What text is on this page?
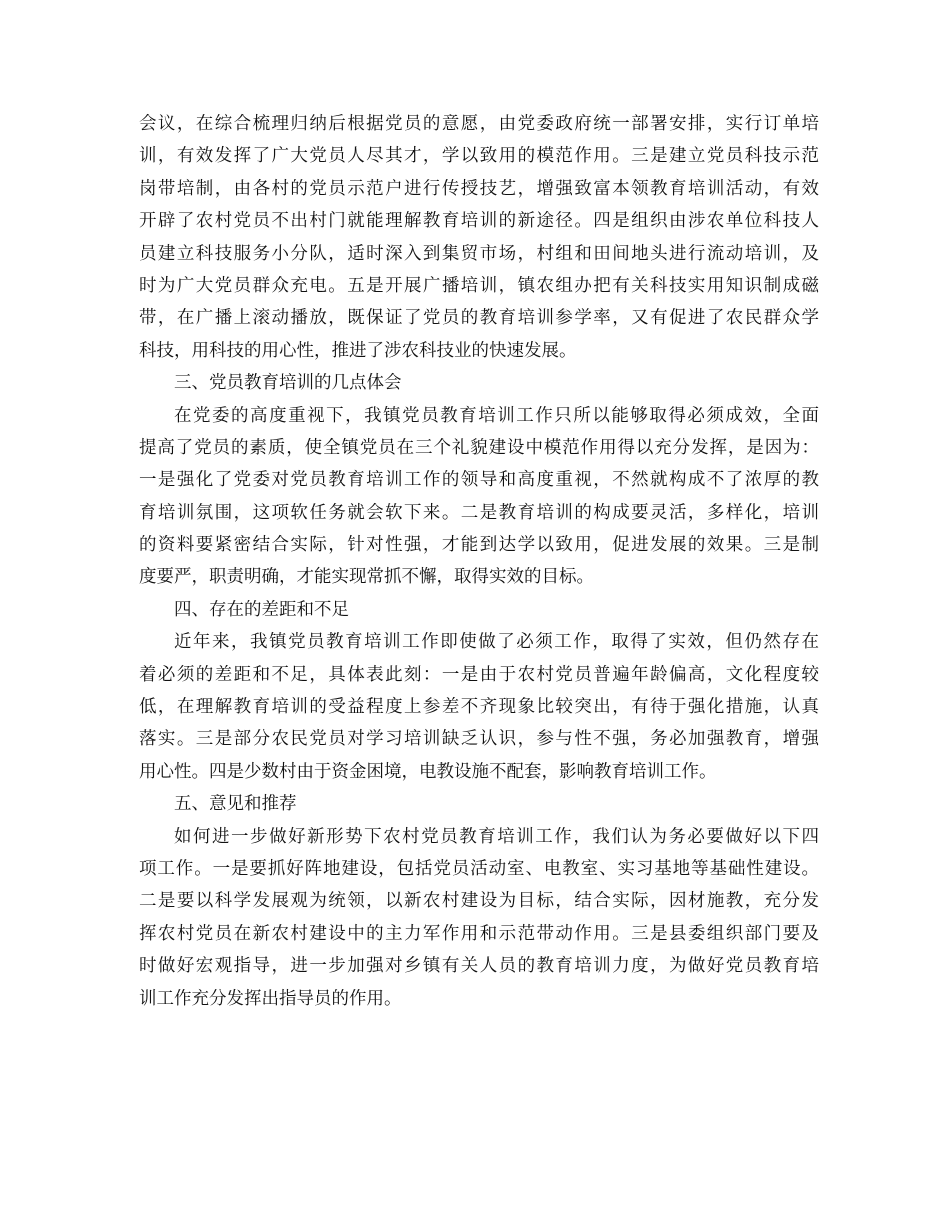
会议，在综合梳理归纳后根据党员的意愿，由党委政府统一部署安排，实行订单培
训，有效发挥了广大党员人尽其才，学以致用的模范作用。三是建立党员科技示范
岗带培制，由各村的党员示范户进行传授技艺，增强致富本领教育培训活动，有效
开辟了农村党员不出村门就能理解教育培训的新途径。四是组织由涉农单位科技人
员建立科技服务小分队，适时深入到集贸市场，村组和田间地头进行流动培训，及
时为广大党员群众充电。五是开展广播培训，镇农组办把有关科技实用知识制成磁
带，在广播上滚动播放，既保证了党员的教育培训参学率，又有促进了农民群众学
科技，用科技的用心性，推进了涉农科技业的快速发展。
三、党员教育培训的几点体会
在党委的高度重视下，我镇党员教育培训工作只所以能够取得必须成效，全面
提高了党员的素质，使全镇党员在三个礼貌建设中模范作用得以充分发挥，是因为：
一是强化了党委对党员教育培训工作的领导和高度重视，不然就构成不了浓厚的教
育培训氛围，这项软任务就会软下来。二是教育培训的构成要灵活，多样化，培训
的资料要紧密结合实际，针对性强，才能到达学以致用，促进发展的效果。三是制
度要严，职责明确，才能实现常抓不懈，取得实效的目标。
四、存在的差距和不足
近年来，我镇党员教育培训工作即使做了必须工作，取得了实效，但仍然存在
着必须的差距和不足，具体表此刻：一是由于农村党员普遍年龄偏高，文化程度较
低，在理解教育培训的受益程度上参差不齐现象比较突出，有待于强化措施，认真
落实。三是部分农民党员对学习培训缺乏认识，参与性不强，务必加强教育，增强
用心性。四是少数村由于资金困境，电教设施不配套，影响教育培训工作。
五、意见和推荐
如何进一步做好新形势下农村党员教育培训工作，我们认为务必要做好以下四
项工作。一是要抓好阵地建设，包括党员活动室、电教室、实习基地等基础性建设。
二是要以科学发展观为统领，以新农村建设为目标，结合实际，因材施教，充分发
挥农村党员在新农村建设中的主力军作用和示范带动作用。三是县委组织部门要及
时做好宏观指导，进一步加强对乡镇有关人员的教育培训力度，为做好党员教育培
训工作充分发挥出指导员的作用。
